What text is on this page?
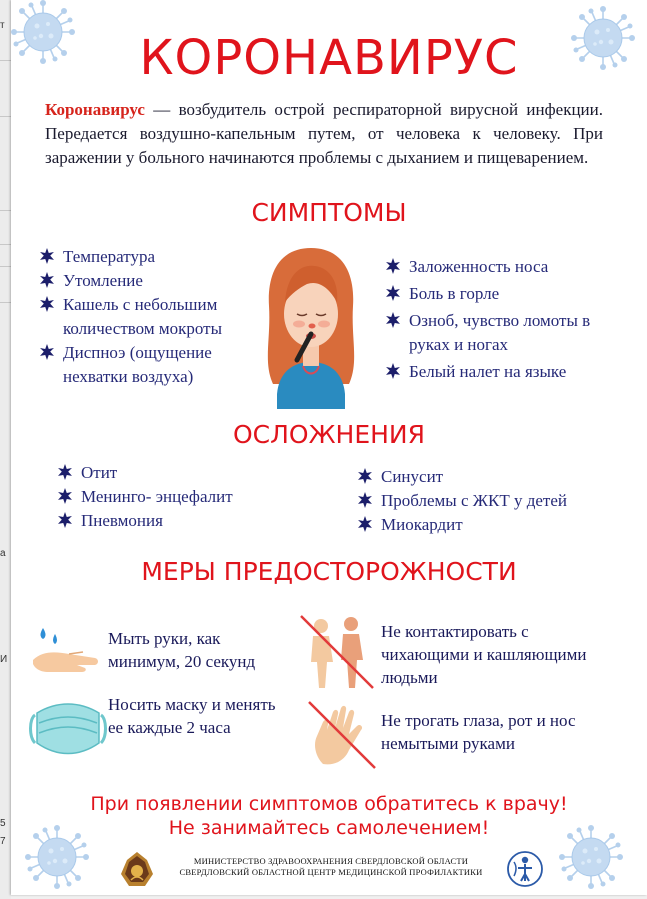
т
а
И
5
7
КОРОНАВИРУС

Коронавирус — возбудитель острой респираторной вирусной инфекции. Передается воздушно-капельным путем, от человека к человеку. При заражении у больного начинаются проблемы с дыханием и пищеварением.

СИМПТОМЫ
Температура
Утомление
Кашель с небольшим количеством мокроты
Диспноэ (ощущение нехватки воздуха)
Заложенность носа
Боль в горле
Озноб, чувство ломоты в руках и ногах
Белый налет на языке
ОСЛОЖНЕНИЯ
Отит
Менинго- энцефалит
Пневмония
Синусит
Проблемы с ЖКТ у детей
Миокардит
МЕРЫ ПРЕДОСТОРОЖНОСТИ

Мыть руки, как минимум, 20 секунд

Не контактировать с чихающими и кашляющими людьми

Носить маску и менять ее каждые 2 часа	Не трогать глаза, рот и нос немытыми руками

При появлении симптомов обратитесь к врачу!
Не занимайтесь самолечением!
МИНИСТЕРСТВО ЗДРАВООХРАНЕНИЯ СВЕРДЛОВСКОЙ ОБЛАСТИ
СВЕРДЛОВСКИЙ ОБЛАСТНОЙ ЦЕНТР МЕДИЦИНСКОЙ ПРОФИЛАКТИКИ
